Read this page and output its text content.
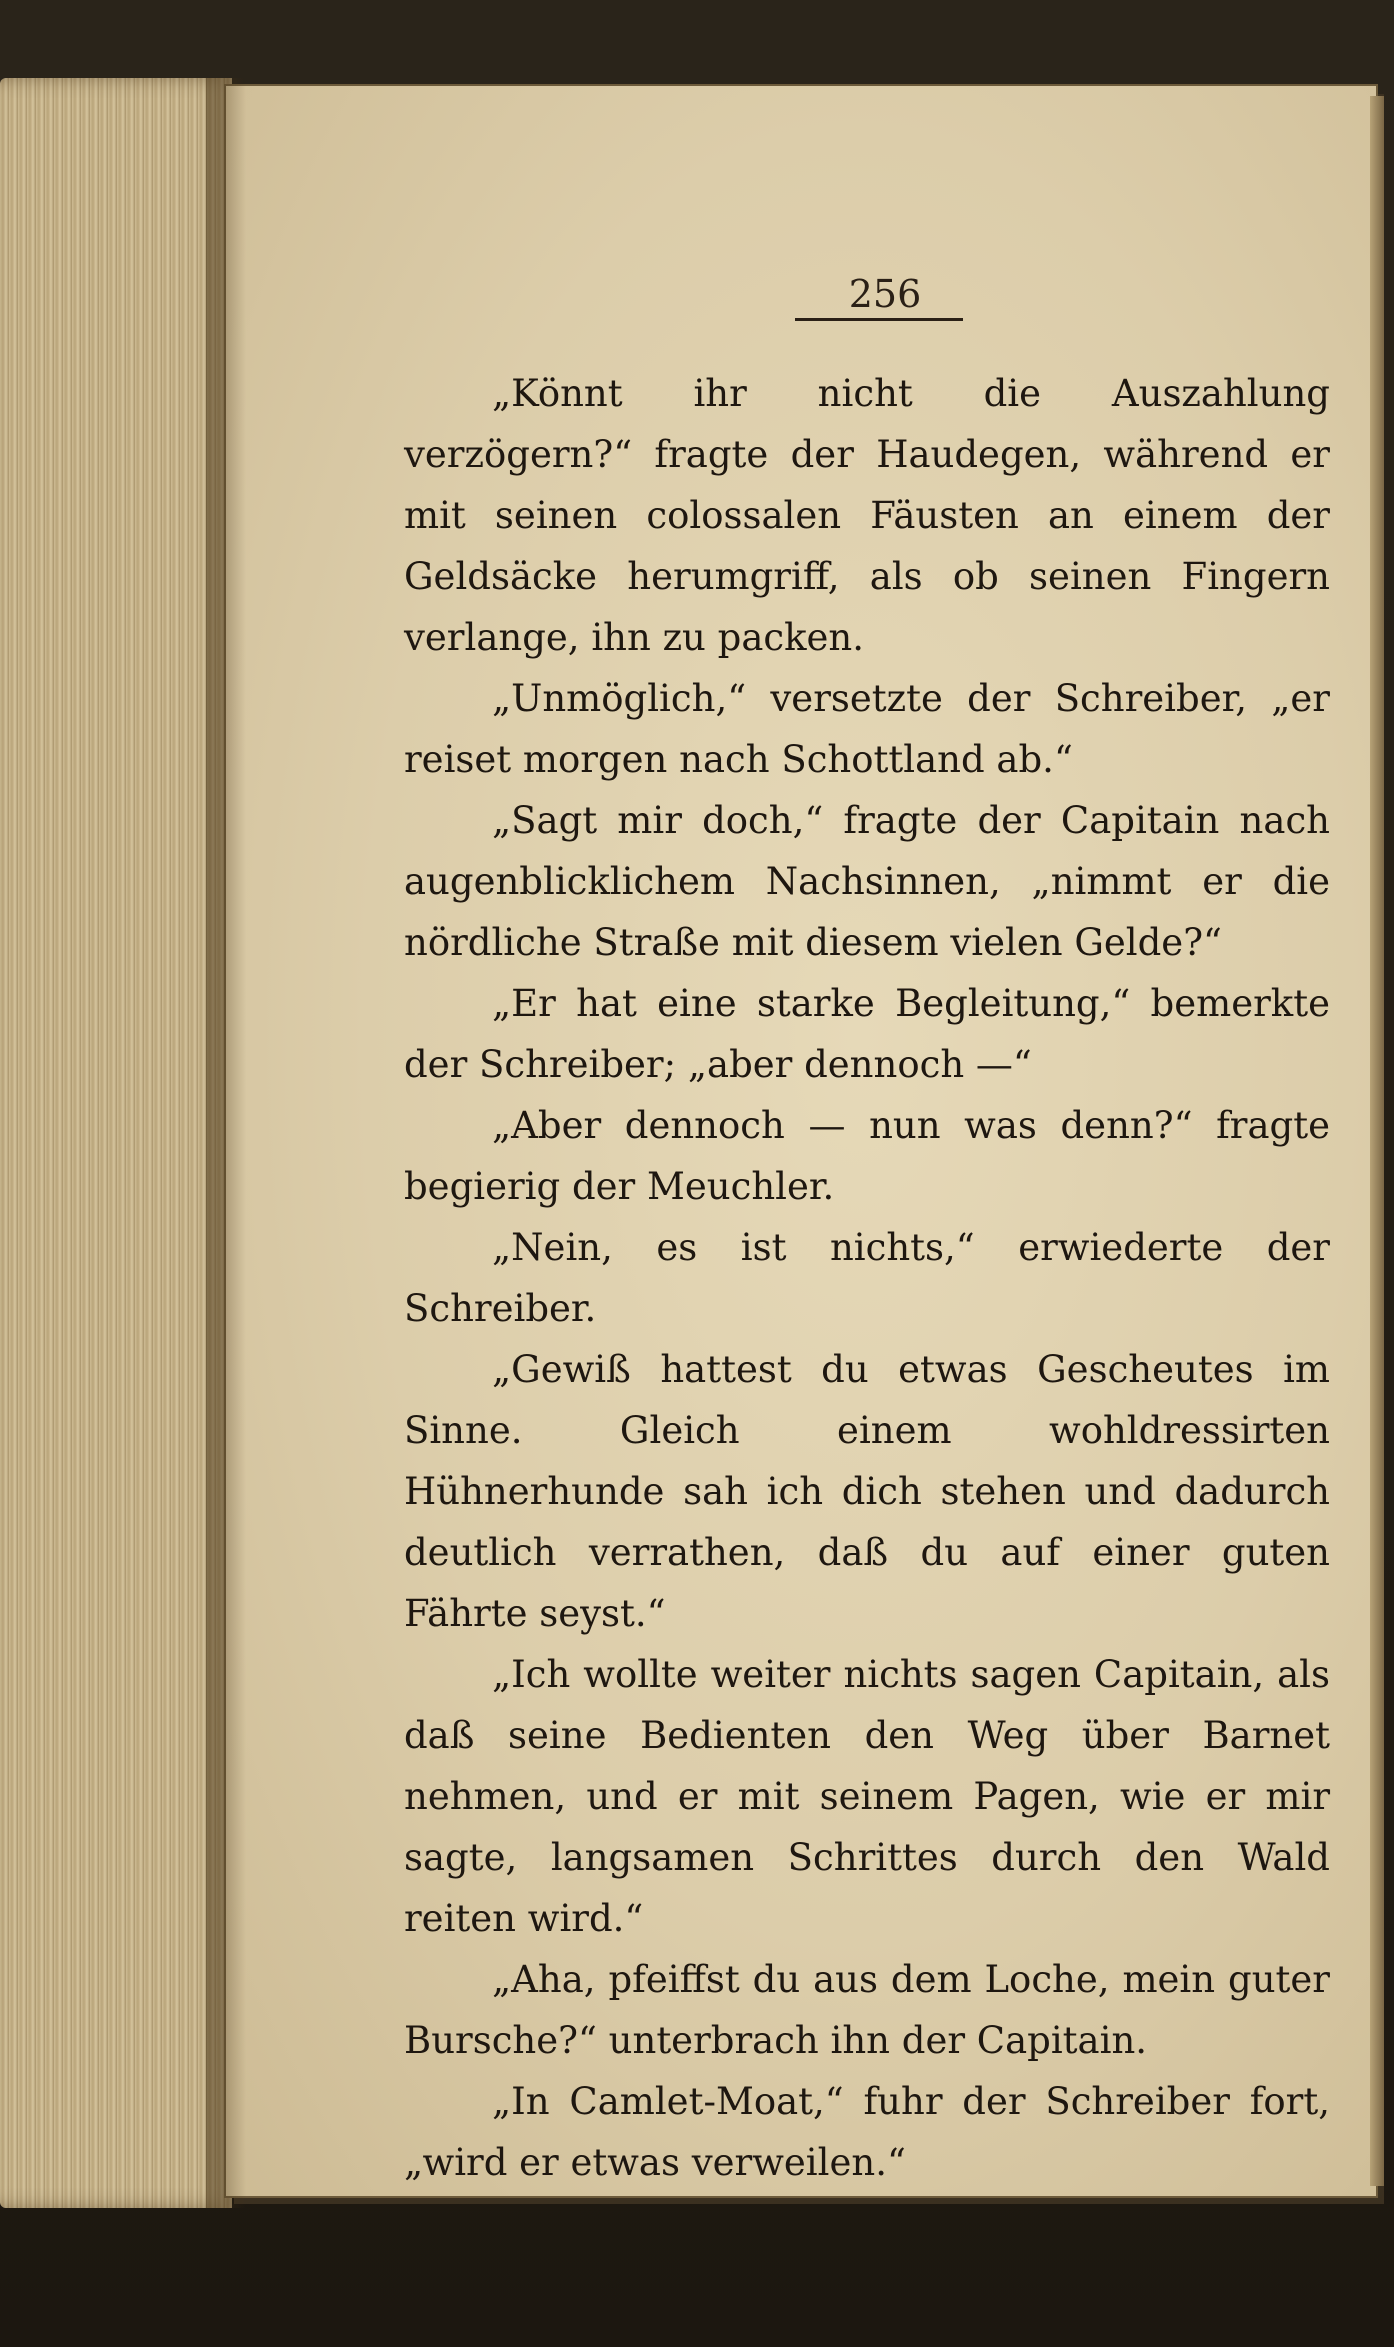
256

„Könnt ihr nicht die Auszahlung verzögern?“ fragte der Haudegen, während er mit seinen colossalen Fäusten an einem der Geldsäcke herumgriff, als ob seinen Fingern verlange, ihn zu packen.

„Unmöglich,“ versetzte der Schreiber, „er reiset morgen nach Schottland ab.“

„Sagt mir doch,“ fragte der Capitain nach augenblicklichem Nachsinnen, „nimmt er die nördliche Straße mit diesem vielen Gelde?“

„Er hat eine starke Begleitung,“ bemerkte der Schreiber; „aber dennoch —“

„Aber dennoch — nun was denn?“ fragte begierig der Meuchler.

„Nein, es ist nichts,“ erwiederte der Schreiber.

„Gewiß hattest du etwas Gescheutes im Sinne. Gleich einem wohldressirten Hühnerhunde sah ich dich stehen und dadurch deutlich verrathen, daß du auf einer guten Fährte seyst.“

„Ich wollte weiter nichts sagen Capitain, als daß seine Bedienten den Weg über Barnet nehmen, und er mit seinem Pagen, wie er mir sagte, langsamen Schrittes durch den Wald reiten wird.“

„Aha, pfeiffst du aus dem Loche, mein guter Bursche?“ unterbrach ihn der Capitain.

„In Camlet-Moat,“ fuhr der Schreiber fort, „wird er etwas verweilen.“
